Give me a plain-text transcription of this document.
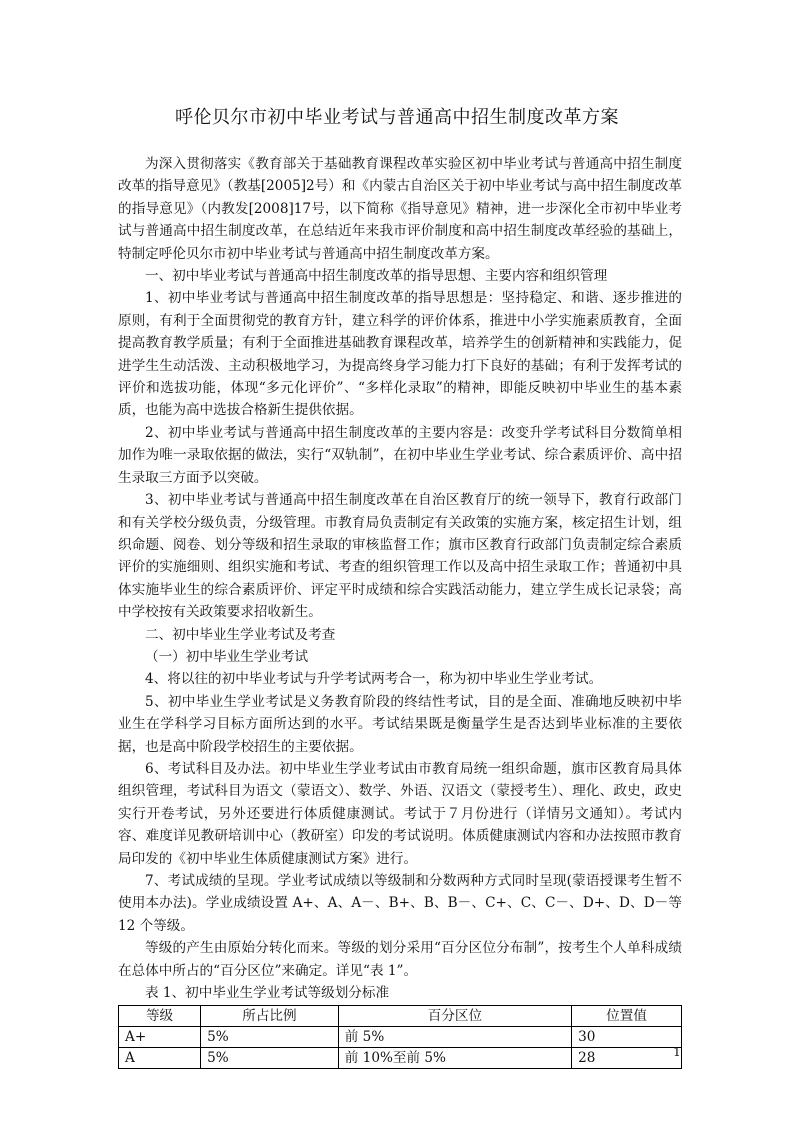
呼伦贝尔市初中毕业考试与普通高中招生制度改革方案

为深入贯彻落实《教育部关于基础教育课程改革实验区初中毕业考试与普通高中招生制度改革的指导意见》（教基[2005]2号）和《内蒙古自治区关于初中毕业考试与高中招生制度改革的指导意见》（内教发[2008]17号，以下简称《指导意见》精神，进一步深化全市初中毕业考试与普通高中招生制度改革，在总结近年来我市评价制度和高中招生制度改革经验的基础上，特制定呼伦贝尔市初中毕业考试与普通高中招生制度改革方案。

一、初中毕业考试与普通高中招生制度改革的指导思想、主要内容和组织管理

1、初中毕业考试与普通高中招生制度改革的指导思想是：坚持稳定、和谐、逐步推进的原则，有利于全面贯彻党的教育方针，建立科学的评价体系，推进中小学实施素质教育，全面提高教育教学质量；有利于全面推进基础教育课程改革，培养学生的创新精神和实践能力，促进学生生动活泼、主动积极地学习，为提高终身学习能力打下良好的基础；有利于发挥考试的评价和选拔功能，体现“多元化评价”、“多样化录取”的精神，即能反映初中毕业生的基本素质，也能为高中选拔合格新生提供依据。

2、初中毕业考试与普通高中招生制度改革的主要内容是：改变升学考试科目分数简单相加作为唯一录取依据的做法，实行“双轨制”，在初中毕业生学业考试、综合素质评价、高中招生录取三方面予以突破。

3、初中毕业考试与普通高中招生制度改革在自治区教育厅的统一领导下，教育行政部门和有关学校分级负责，分级管理。市教育局负责制定有关政策的实施方案，核定招生计划，组织命题、阅卷、划分等级和招生录取的审核监督工作；旗市区教育行政部门负责制定综合素质评价的实施细则、组织实施和考试、考查的组织管理工作以及高中招生录取工作；普通初中具体实施毕业生的综合素质评价、评定平时成绩和综合实践活动能力，建立学生成长记录袋；高中学校按有关政策要求招收新生。

二、初中毕业生学业考试及考查

（一）初中毕业生学业考试

4、将以往的初中毕业考试与升学考试两考合一，称为初中毕业生学业考试。

5、初中毕业生学业考试是义务教育阶段的终结性考试，目的是全面、准确地反映初中毕业生在学科学习目标方面所达到的水平。考试结果既是衡量学生是否达到毕业标准的主要依据，也是高中阶段学校招生的主要依据。

6、考试科目及办法。初中毕业生学业考试由市教育局统一组织命题，旗市区教育局具体组织管理，考试科目为语文（蒙语文）、数学、外语、汉语文（蒙授考生）、理化、政史，政史实行开卷考试，另外还要进行体质健康测试。考试于７月份进行（详情另文通知）。考试内容、难度详见教研培训中心（教研室）印发的考试说明。体质健康测试内容和办法按照市教育局印发的《初中毕业生体质健康测试方案》进行。

7、考试成绩的呈现。学业考试成绩以等级制和分数两种方式同时呈现(蒙语授课考生暂不使用本办法)。学业成绩设置 A+、A、A－、B+、B、B－、C+、C、C－、D+、D、D－等 12 个等级。

等级的产生由原始分转化而来。等级的划分采用“百分区位分布制”，按考生个人单科成绩在总体中所占的“百分区位”来确定。详见“表 1”。

表 1、初中毕业生学业考试等级划分标准

等级	所占比例	百分区位	位置值
A+	5%	前 5%	30
A	5%	前 10%至前 5%	28	1
